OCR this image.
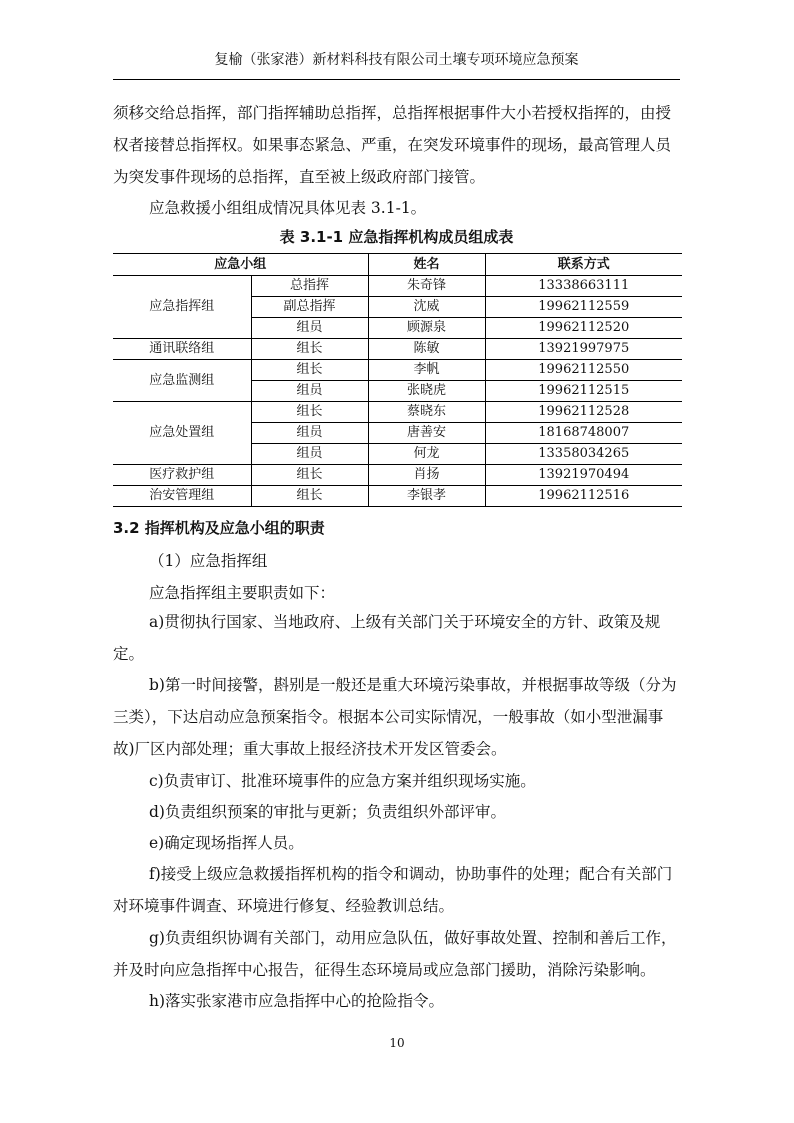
复榆（张家港）新材料科技有限公司土壤专项环境应急预案

须移交给总指挥，部门指挥辅助总指挥，总指挥根据事件大小若授权指挥的，由授权者接替总指挥权。如果事态紧急、严重，在突发环境事件的现场，最高管理人员为突发事件现场的总指挥，直至被上级政府部门接管。

应急救援小组组成情况具体见表 3.1-1。

表 3.1-1 应急指挥机构成员组成表
应急小组		姓名	联系方式
应急指挥组	总指挥	朱奇锋	13338663111
	副总指挥	沈威	19962112559
	组员	顾源泉	19962112520
通讯联络组	组长	陈敏	13921997975
应急监测组	组长	李帆	19962112550
	组员	张晓虎	19962112515
应急处置组	组长	蔡晓东	19962112528
	组员	唐善安	18168748007
	组员	何龙	13358034265
医疗救护组	组长	肖扬	13921970494
治安管理组	组长	李银孝	19962112516
3.2 指挥机构及应急小组的职责

（1）应急指挥组

应急指挥组主要职责如下：

a)贯彻执行国家、当地政府、上级有关部门关于环境安全的方针、政策及规定。

b)第一时间接警，斟别是一般还是重大环境污染事故，并根据事故等级（分为三类），下达启动应急预案指令。根据本公司实际情况，一般事故（如小型泄漏事故)厂区内部处理；重大事故上报经济技术开发区管委会。

c)负责审订、批准环境事件的应急方案并组织现场实施。

d)负责组织预案的审批与更新；负责组织外部评审。

e)确定现场指挥人员。

f)接受上级应急救援指挥机构的指令和调动，协助事件的处理；配合有关部门对环境事件调查、环境进行修复、经验教训总结。

g)负责组织协调有关部门，动用应急队伍，做好事故处置、控制和善后工作，并及时向应急指挥中心报告，征得生态环境局或应急部门援助，消除污染影响。

h)落实张家港市应急指挥中心的抢险指令。

10
